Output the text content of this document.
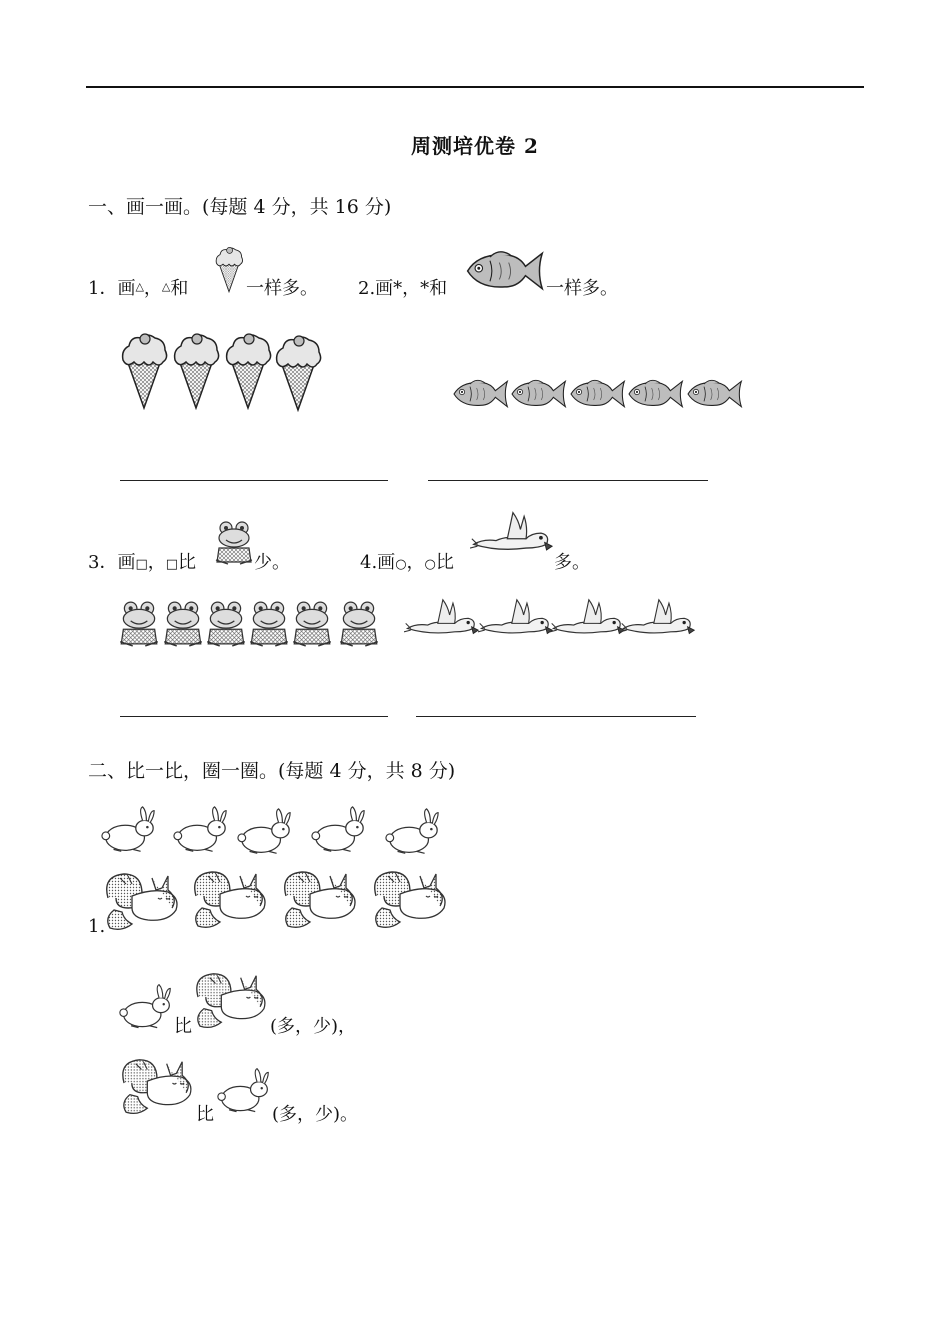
周测培优卷 2
一、画一画。(每题 4 分，共 16 分)
1．画△，△和	一样多。 2.画*，*和	一样多。
3．画□，□比	少。	4.画○，○比	多。
二、比一比，圈一圈。(每题 4 分，共 8 分)
1.
比	(多，少)，
比	(多，少)。
